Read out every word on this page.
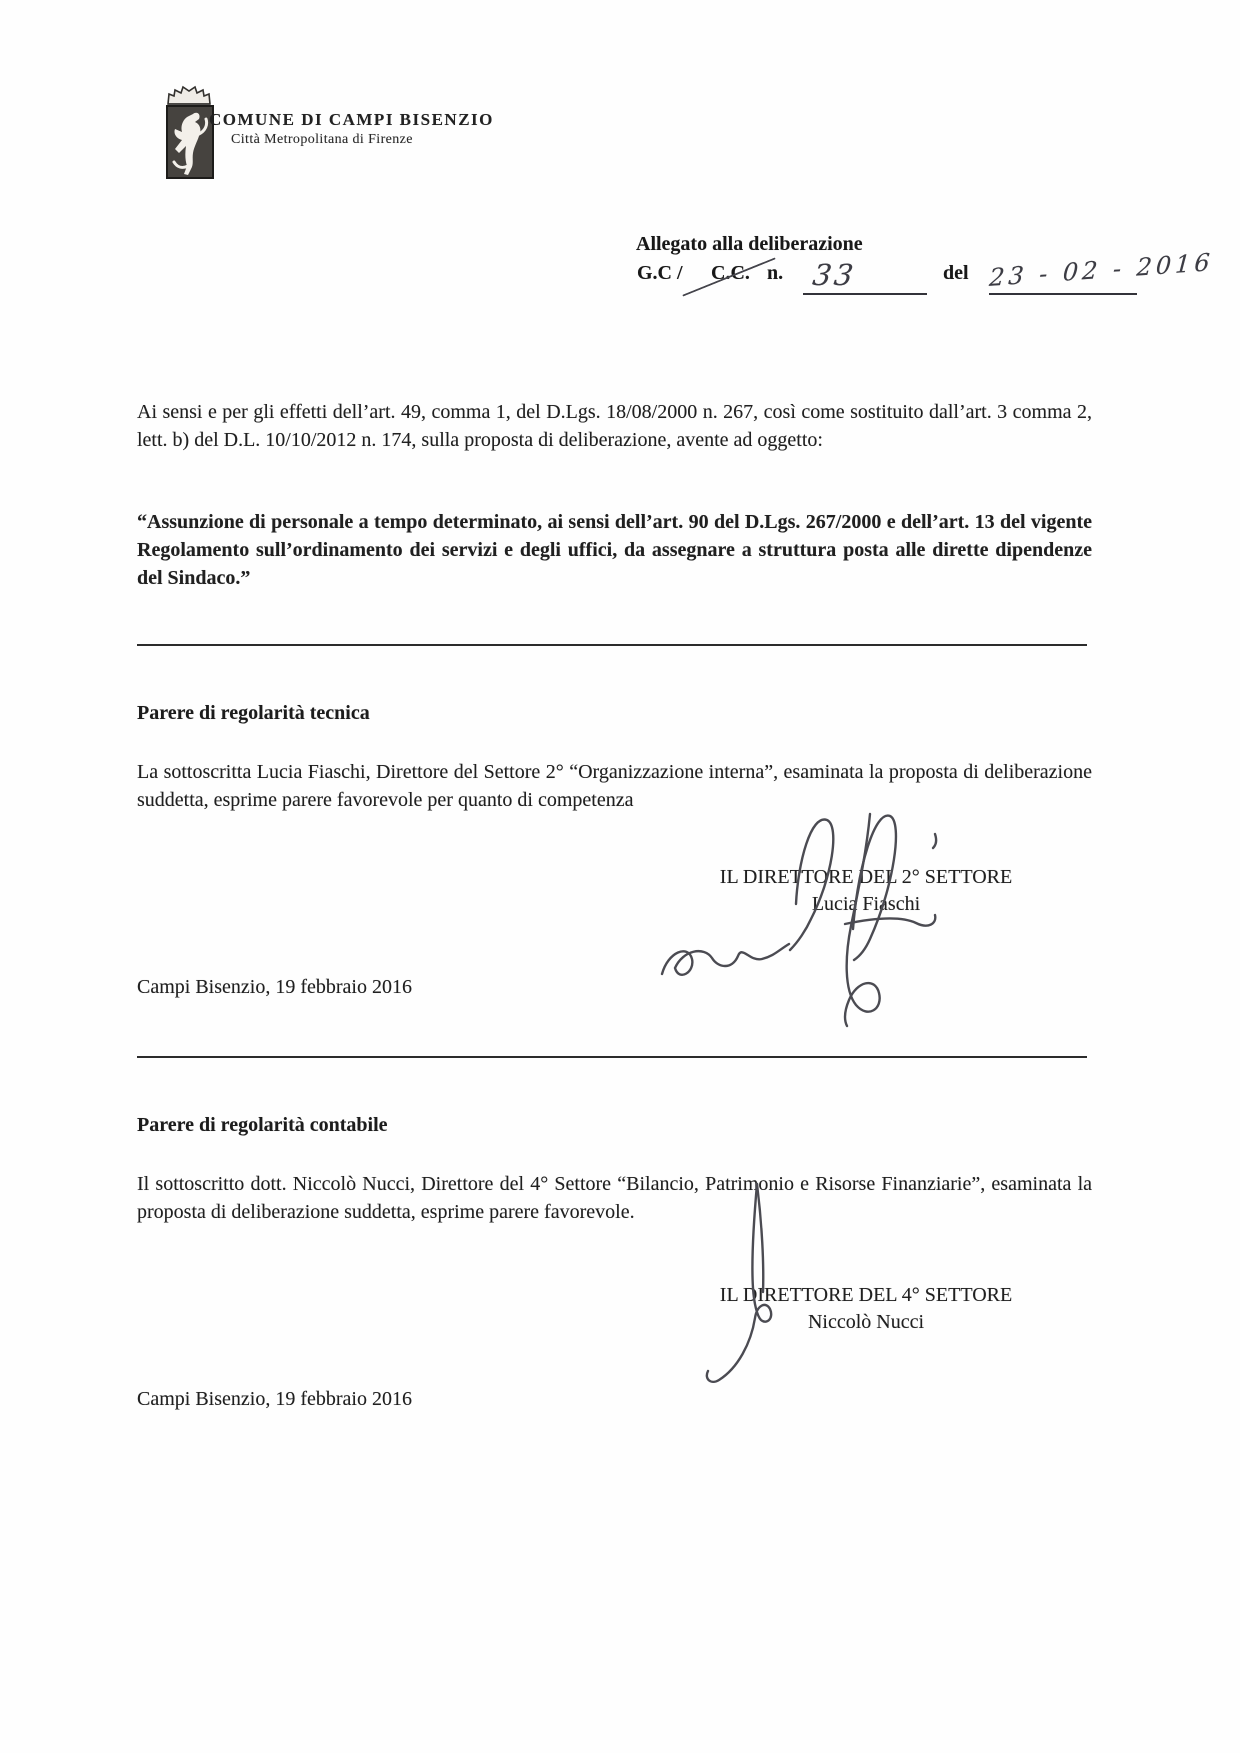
COMUNE DI CAMPI BISENZIO
Città Metropolitana di Firenze
Allegato alla deliberazione
G.C / C.C. n. 33	del 23 - 02 - 2016
Ai sensi e per gli effetti dell’art. 49, comma 1, del D.Lgs. 18/08/2000 n. 267, così come sostituito dall’art. 3 comma 2, lett. b) del D.L. 10/10/2012 n. 174, sulla proposta di deliberazione, avente ad oggetto:
“Assunzione di personale a tempo determinato, ai sensi dell’art. 90 del D.Lgs. 267/2000 e dell’art. 13 del vigente Regolamento sull’ordinamento dei servizi e degli uffici, da assegnare a struttura posta alle dirette dipendenze del Sindaco.”
Parere di regolarità tecnica
La sottoscritta Lucia Fiaschi, Direttore del Settore 2° “Organizzazione interna”, esaminata la proposta di deliberazione suddetta, esprime parere favorevole per quanto di competenza
IL DIRETTORE DEL 2° SETTORE
Lucia Fiaschi
Campi Bisenzio, 19 febbraio 2016
Parere di regolarità contabile
Il sottoscritto dott. Niccolò Nucci, Direttore del 4° Settore “Bilancio, Patrimonio e Risorse Finanziarie”, esaminata la proposta di deliberazione suddetta, esprime parere favorevole.
IL DIRETTORE DEL 4° SETTORE
Niccolò Nucci
Campi Bisenzio, 19 febbraio 2016
